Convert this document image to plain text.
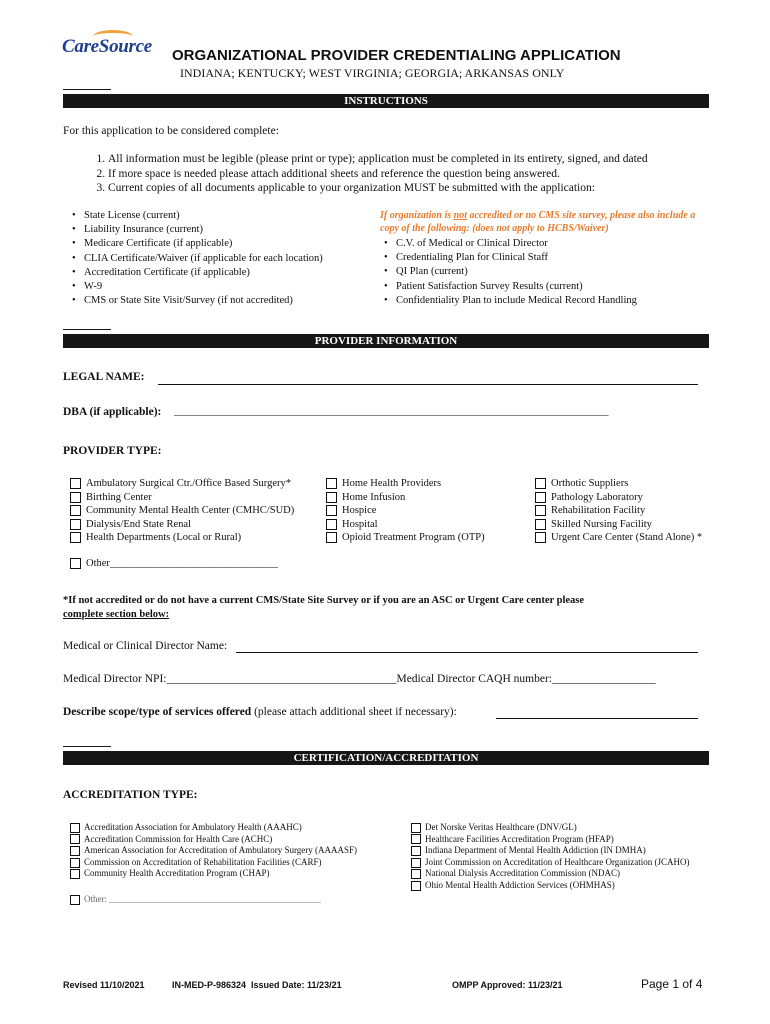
CareSource ORGANIZATIONAL PROVIDER CREDENTIALING APPLICATION
INDIANA; KENTUCKY; WEST VIRGINIA; GEORGIA; ARKANSAS ONLY
INSTRUCTIONS
For this application to be considered complete:
1. All information must be legible (please print or type); application must be completed in its entirety, signed, and dated
2. If more space is needed please attach additional sheets and reference the question being answered.
3. Current copies of all documents applicable to your organization MUST be submitted with the application:
• State License (current)
• Liability Insurance (current)
• Medicare Certificate (if applicable)
• CLIA Certificate/Waiver (if applicable for each location)
• Accreditation Certificate (if applicable)
• W-9
• CMS or State Site Visit/Survey (if not accredited)
If organization is not accredited or no CMS site survey, please also include a copy of the following: (does not apply to HCBS/Waiver)
• C.V. of Medical or Clinical Director
• Credentialing Plan for Clinical Staff
• QI Plan (current)
• Patient Satisfaction Survey Results (current)
• Confidentiality Plan to include Medical Record Handling
PROVIDER INFORMATION
LEGAL NAME:
DBA (if applicable): _______________________________________________________________________________
PROVIDER TYPE:
Ambulatory Surgical Ctr./Office Based Surgery*
Birthing Center
Community Mental Health Center (CMHC/SUD)
Dialysis/End State Renal
Health Departments (Local or Rural)
Home Health Providers
Home Infusion
Hospice
Hospital
Opioid Treatment Program (OTP)
Orthotic Suppliers
Pathology Laboratory
Rehabilitation Facility
Skilled Nursing Facility
Urgent Care Center (Stand Alone) *
Other________________________________
*If not accredited or do not have a current CMS/State Site Survey or if you are an ASC or Urgent Care center please
complete section below:
Medical or Clinical Director Name:
Medical Director NPI:________________________________________Medical Director CAQH number:__________________
Describe scope/type of services offered (please attach additional sheet if necessary):
CERTIFICATION/ACCREDITATION
ACCREDITATION TYPE:
Accreditation Association for Ambulatory Health (AAAHC)
Accreditation Commission for Health Care (ACHC)
American Association for Accreditation of Ambulatory Surgery (AAAASF)
Commission on Accreditation of Rehabilitation Facilities (CARF)
Community Health Accreditation Program (CHAP)
Det Norske Veritas Healthcare (DNV/GL)
Healthcare Facilities Accreditation Program (HFAP)
Indiana Department of Mental Health Addiction (IN DMHA)
Joint Commission on Accreditation of Healthcare Organization (JCAHO)
National Dialysis Accreditation Commission (NDAC)
Ohio Mental Health Addiction Services (OHMHAS)
Other: _______________________________________________
Revised 11/10/2021	IN-MED-P-986324  Issued Date: 11/23/21	OMPP Approved: 11/23/21	Page 1 of 4
